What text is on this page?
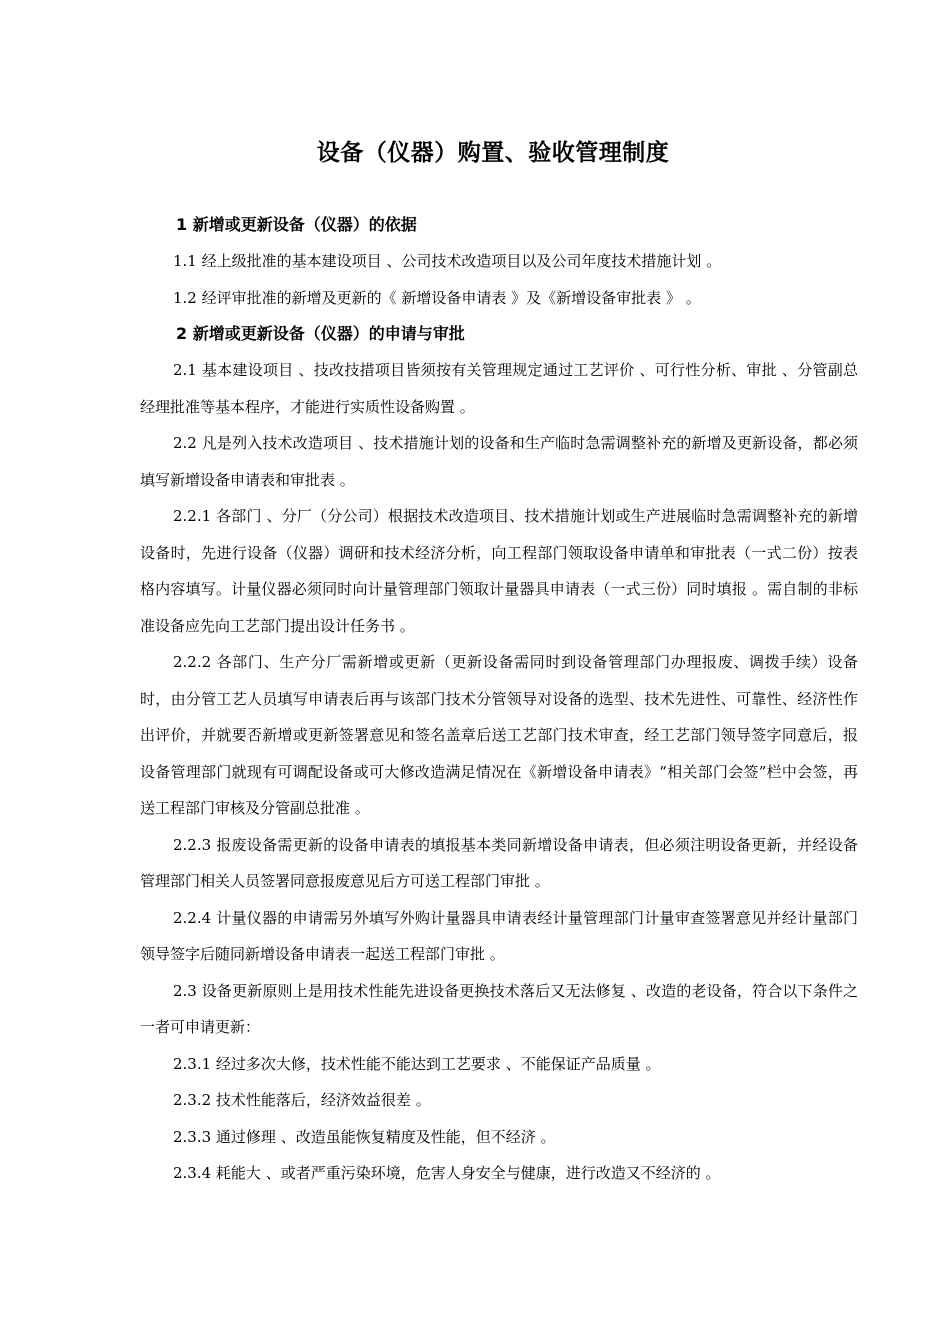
设备（仪器）购置、验收管理制度
1 新增或更新设备（仪器）的依据

1.1 经上级批准的基本建设项目 、公司技术改造项目以及公司年度技术措施计划 。

1.2 经评审批准的新增及更新的《 新增设备申请表 》及《新增设备审批表 》 。

2 新增或更新设备（仪器）的申请与审批

2.1 基本建设项目 、技改技措项目皆须按有关管理规定通过工艺评价 、可行性分析、审批 、分管副总经理批准等基本程序，才能进行实质性设备购置 。

2.2 凡是列入技术改造项目 、技术措施计划的设备和生产临时急需调整补充的新增及更新设备，都必须填写新增设备申请表和审批表 。

2.2.1 各部门 、分厂（分公司）根据技术改造项目、技术措施计划或生产进展临时急需调整补充的新增设备时，先进行设备（仪器）调研和技术经济分析，向工程部门领取设备申请单和审批表（一式二份）按表格内容填写。计量仪器必须同时向计量管理部门领取计量器具申请表（一式三份）同时填报 。需自制的非标准设备应先向工艺部门提出设计任务书 。

2.2.2 各部门、生产分厂需新增或更新（更新设备需同时到设备管理部门办理报废、调拨手续）设备时，由分管工艺人员填写申请表后再与该部门技术分管领导对设备的选型、技术先进性、可靠性、经济性作出评价，并就要否新增或更新签署意见和签名盖章后送工艺部门技术审查，经工艺部门领导签字同意后，报设备管理部门就现有可调配设备或可大修改造满足情况在《新增设备申请表》“相关部门会签”栏中会签，再送工程部门审核及分管副总批准 。

2.2.3 报废设备需更新的设备申请表的填报基本类同新增设备申请表，但必须注明设备更新，并经设备管理部门相关人员签署同意报废意见后方可送工程部门审批 。

2.2.4 计量仪器的申请需另外填写外购计量器具申请表经计量管理部门计量审查签署意见并经计量部门领导签字后随同新增设备申请表一起送工程部门审批 。

2.3 设备更新原则上是用技术性能先进设备更换技术落后又无法修复 、改造的老设备，符合以下条件之一者可申请更新：

2.3.1 经过多次大修，技术性能不能达到工艺要求 、不能保证产品质量 。

2.3.2 技术性能落后，经济效益很差 。

2.3.3 通过修理 、改造虽能恢复精度及性能，但不经济 。

2.3.4 耗能大 、或者严重污染环境，危害人身安全与健康，进行改造又不经济的 。
